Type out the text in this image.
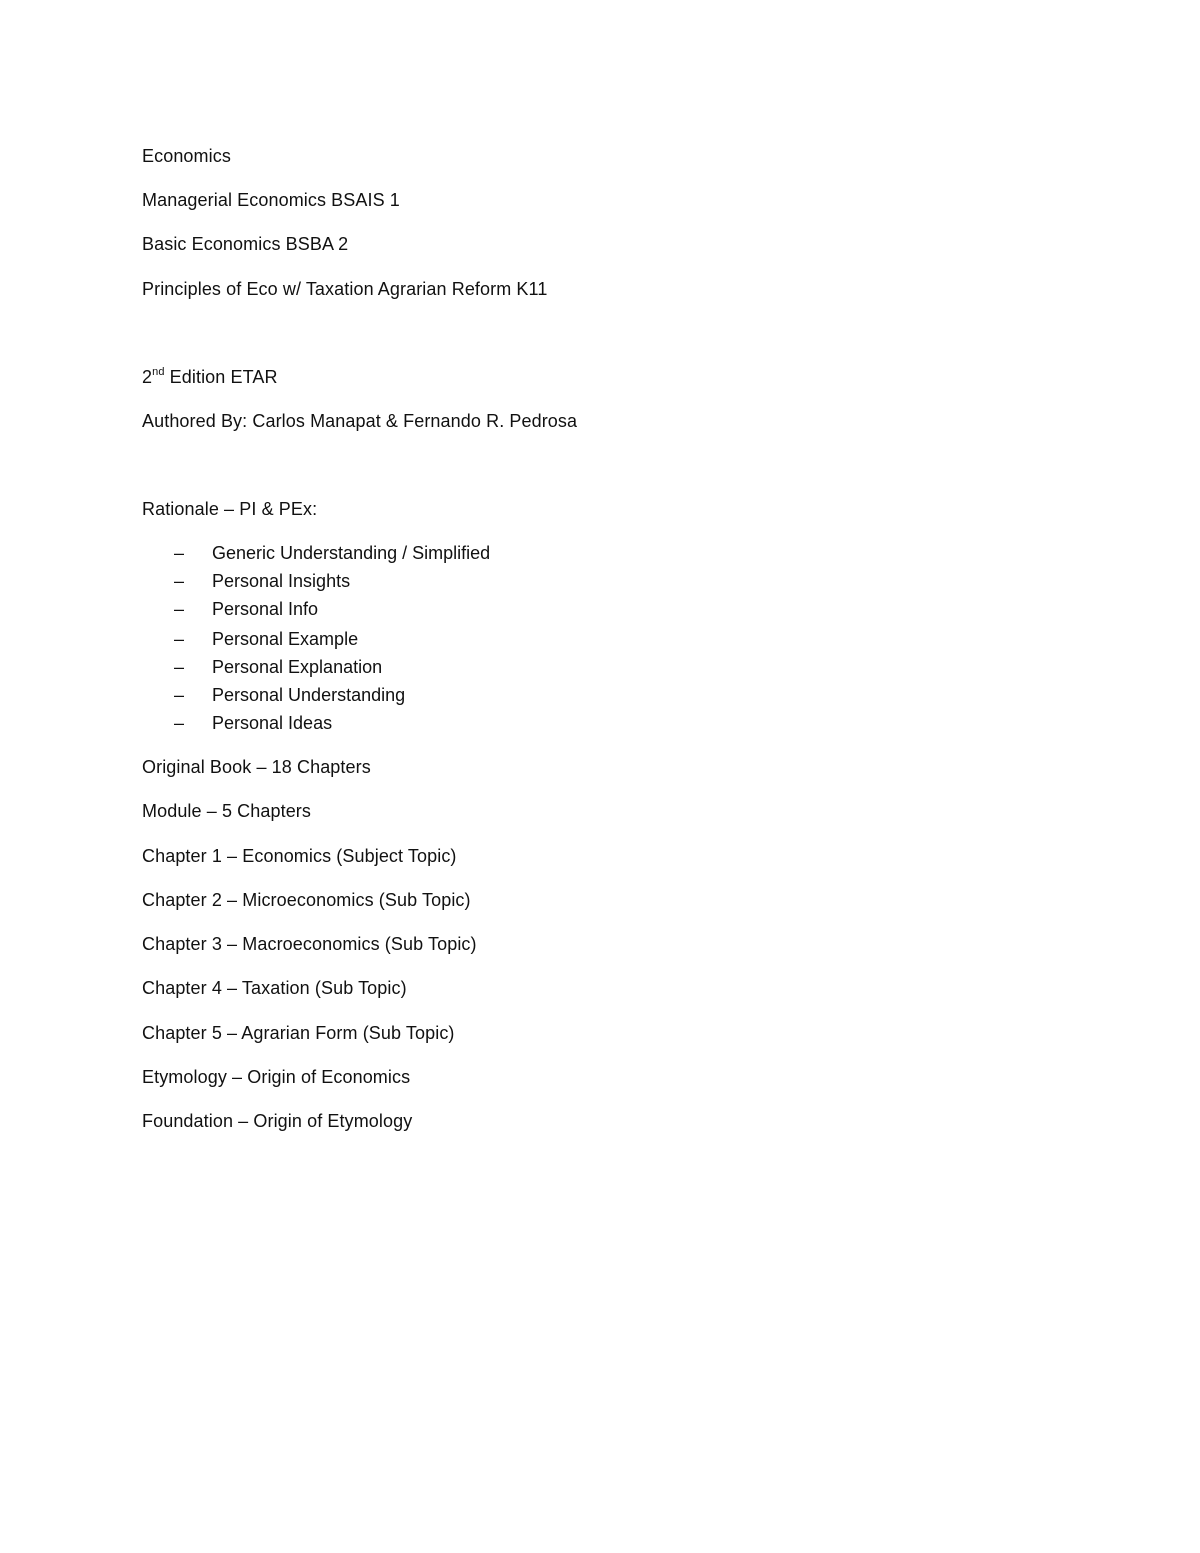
Economics
Managerial Economics BSAIS 1
Basic Economics BSBA 2
Principles of Eco w/ Taxation Agrarian Reform K11
2nd Edition ETAR
Authored By: Carlos Manapat & Fernando R. Pedrosa
Rationale – PI & PEx:
– Generic Understanding / Simplified
– Personal Insights
– Personal Info
– Personal Example
– Personal Explanation
– Personal Understanding
– Personal Ideas
Original Book – 18 Chapters
Module – 5 Chapters
Chapter 1 – Economics (Subject Topic)
Chapter 2 – Microeconomics (Sub Topic)
Chapter 3 – Macroeconomics (Sub Topic)
Chapter 4 – Taxation (Sub Topic)
Chapter 5 – Agrarian Form (Sub Topic)
Etymology – Origin of Economics
Foundation – Origin of Etymology
